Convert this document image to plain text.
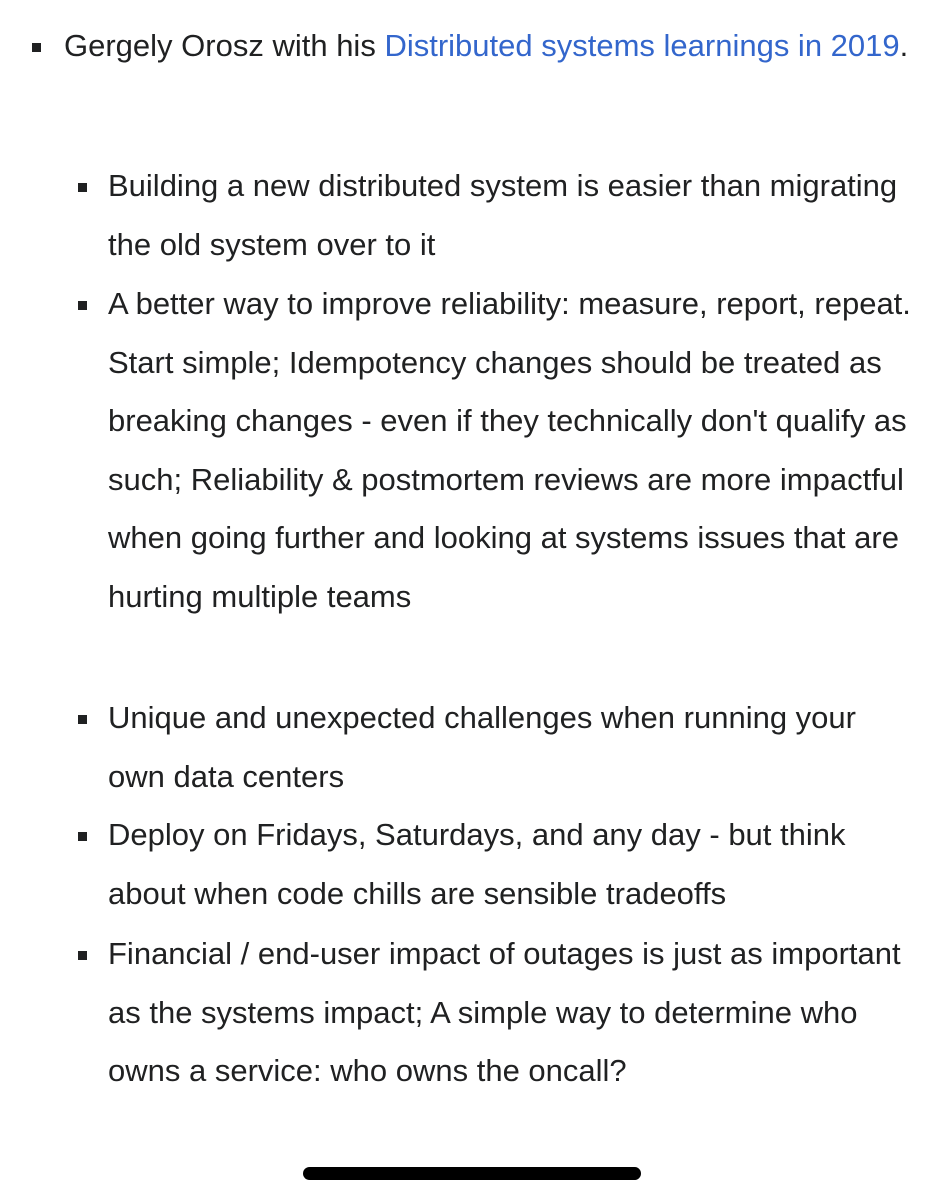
Gergely Orosz with his Distributed systems learnings in 2019.
Building a new distributed system is easier than migrating the old system over to it
A better way to improve reliability: measure, report, repeat. Start simple; Idempotency changes should be treated as breaking changes - even if they technically don't qualify as such; Reliability & postmortem reviews are more impactful when going further and looking at systems issues that are hurting multiple teams
Unique and unexpected challenges when running your own data centers
Deploy on Fridays, Saturdays, and any day - but think about when code chills are sensible tradeoffs
Financial / end-user impact of outages is just as important as the systems impact; A simple way to determine who owns a service: who owns the oncall?
